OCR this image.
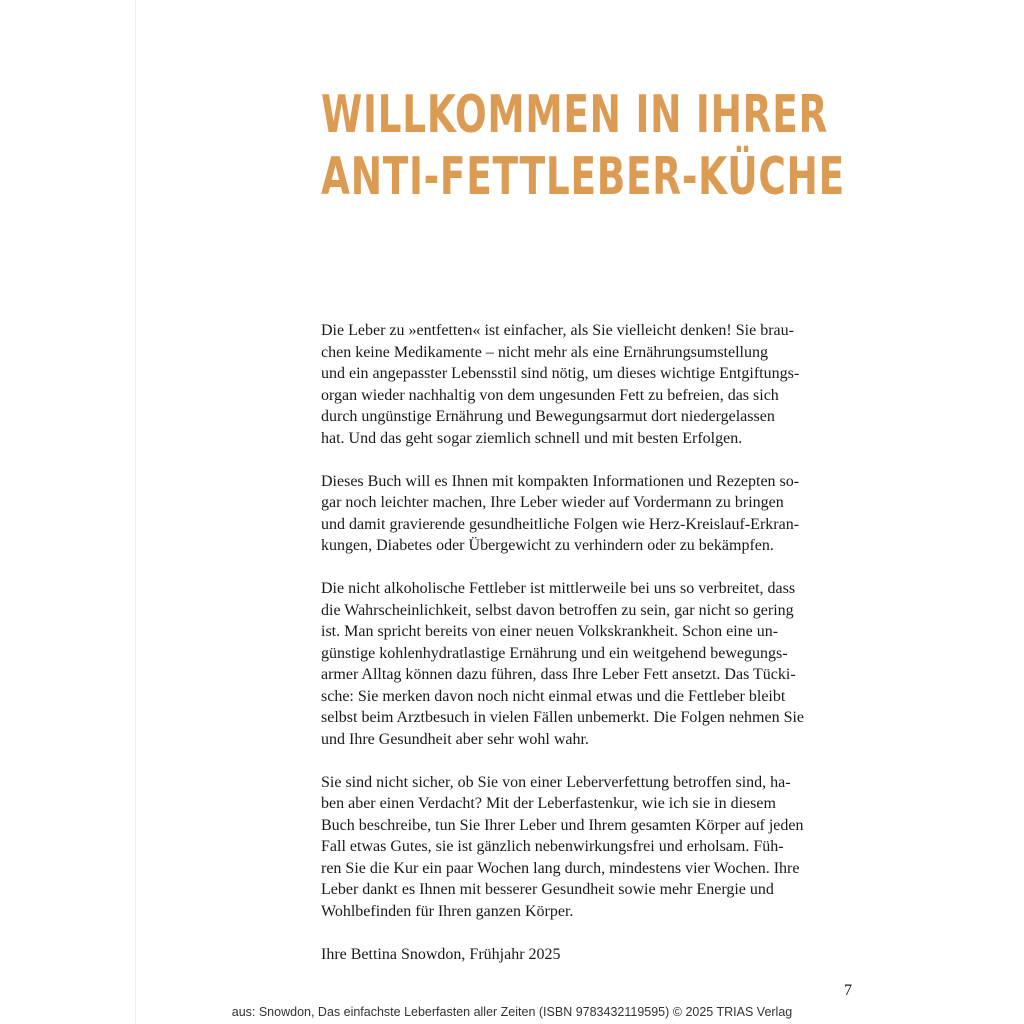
WILLKOMMEN IN IHRER
ANTI-FETTLEBER-KÜCHE

Die Leber zu »entfetten« ist einfacher, als Sie vielleicht denken! Sie brau-
chen keine Medikamente – nicht mehr als eine Ernährungsumstellung
und ein angepasster Lebensstil sind nötig, um dieses wichtige Entgiftungs-
organ wieder nachhaltig von dem ungesunden Fett zu befreien, das sich
durch ungünstige Ernährung und Bewegungsarmut dort niedergelassen
hat. Und das geht sogar ziemlich schnell und mit besten Erfolgen.

Dieses Buch will es Ihnen mit kompakten Informationen und Rezepten so-
gar noch leichter machen, Ihre Leber wieder auf Vordermann zu bringen
und damit gravierende gesundheitliche Folgen wie Herz-Kreislauf-Erkran-
kungen, Diabetes oder Übergewicht zu verhindern oder zu bekämpfen.

Die nicht alkoholische Fettleber ist mittlerweile bei uns so verbreitet, dass
die Wahrscheinlichkeit, selbst davon betroffen zu sein, gar nicht so gering
ist. Man spricht bereits von einer neuen Volkskrankheit. Schon eine un-
günstige kohlenhydratlastige Ernährung und ein weitgehend bewegungs-
armer Alltag können dazu führen, dass Ihre Leber Fett ansetzt. Das Tücki-
sche: Sie merken davon noch nicht einmal etwas und die Fettleber bleibt
selbst beim Arztbesuch in vielen Fällen unbemerkt. Die Folgen nehmen Sie
und Ihre Gesundheit aber sehr wohl wahr.

Sie sind nicht sicher, ob Sie von einer Leberverfettung betroffen sind, ha-
ben aber einen Verdacht? Mit der Leberfastenkur, wie ich sie in diesem
Buch beschreibe, tun Sie Ihrer Leber und Ihrem gesamten Körper auf jeden
Fall etwas Gutes, sie ist gänzlich nebenwirkungsfrei und erholsam. Füh-
ren Sie die Kur ein paar Wochen lang durch, mindestens vier Wochen. Ihre
Leber dankt es Ihnen mit besserer Gesundheit sowie mehr Energie und
Wohlbefinden für Ihren ganzen Körper.

Ihre Bettina Snowdon, Frühjahr 2025

7
aus: Snowdon, Das einfachste Leberfasten aller Zeiten (ISBN 9783432119595) © 2025 TRIAS Verlag
